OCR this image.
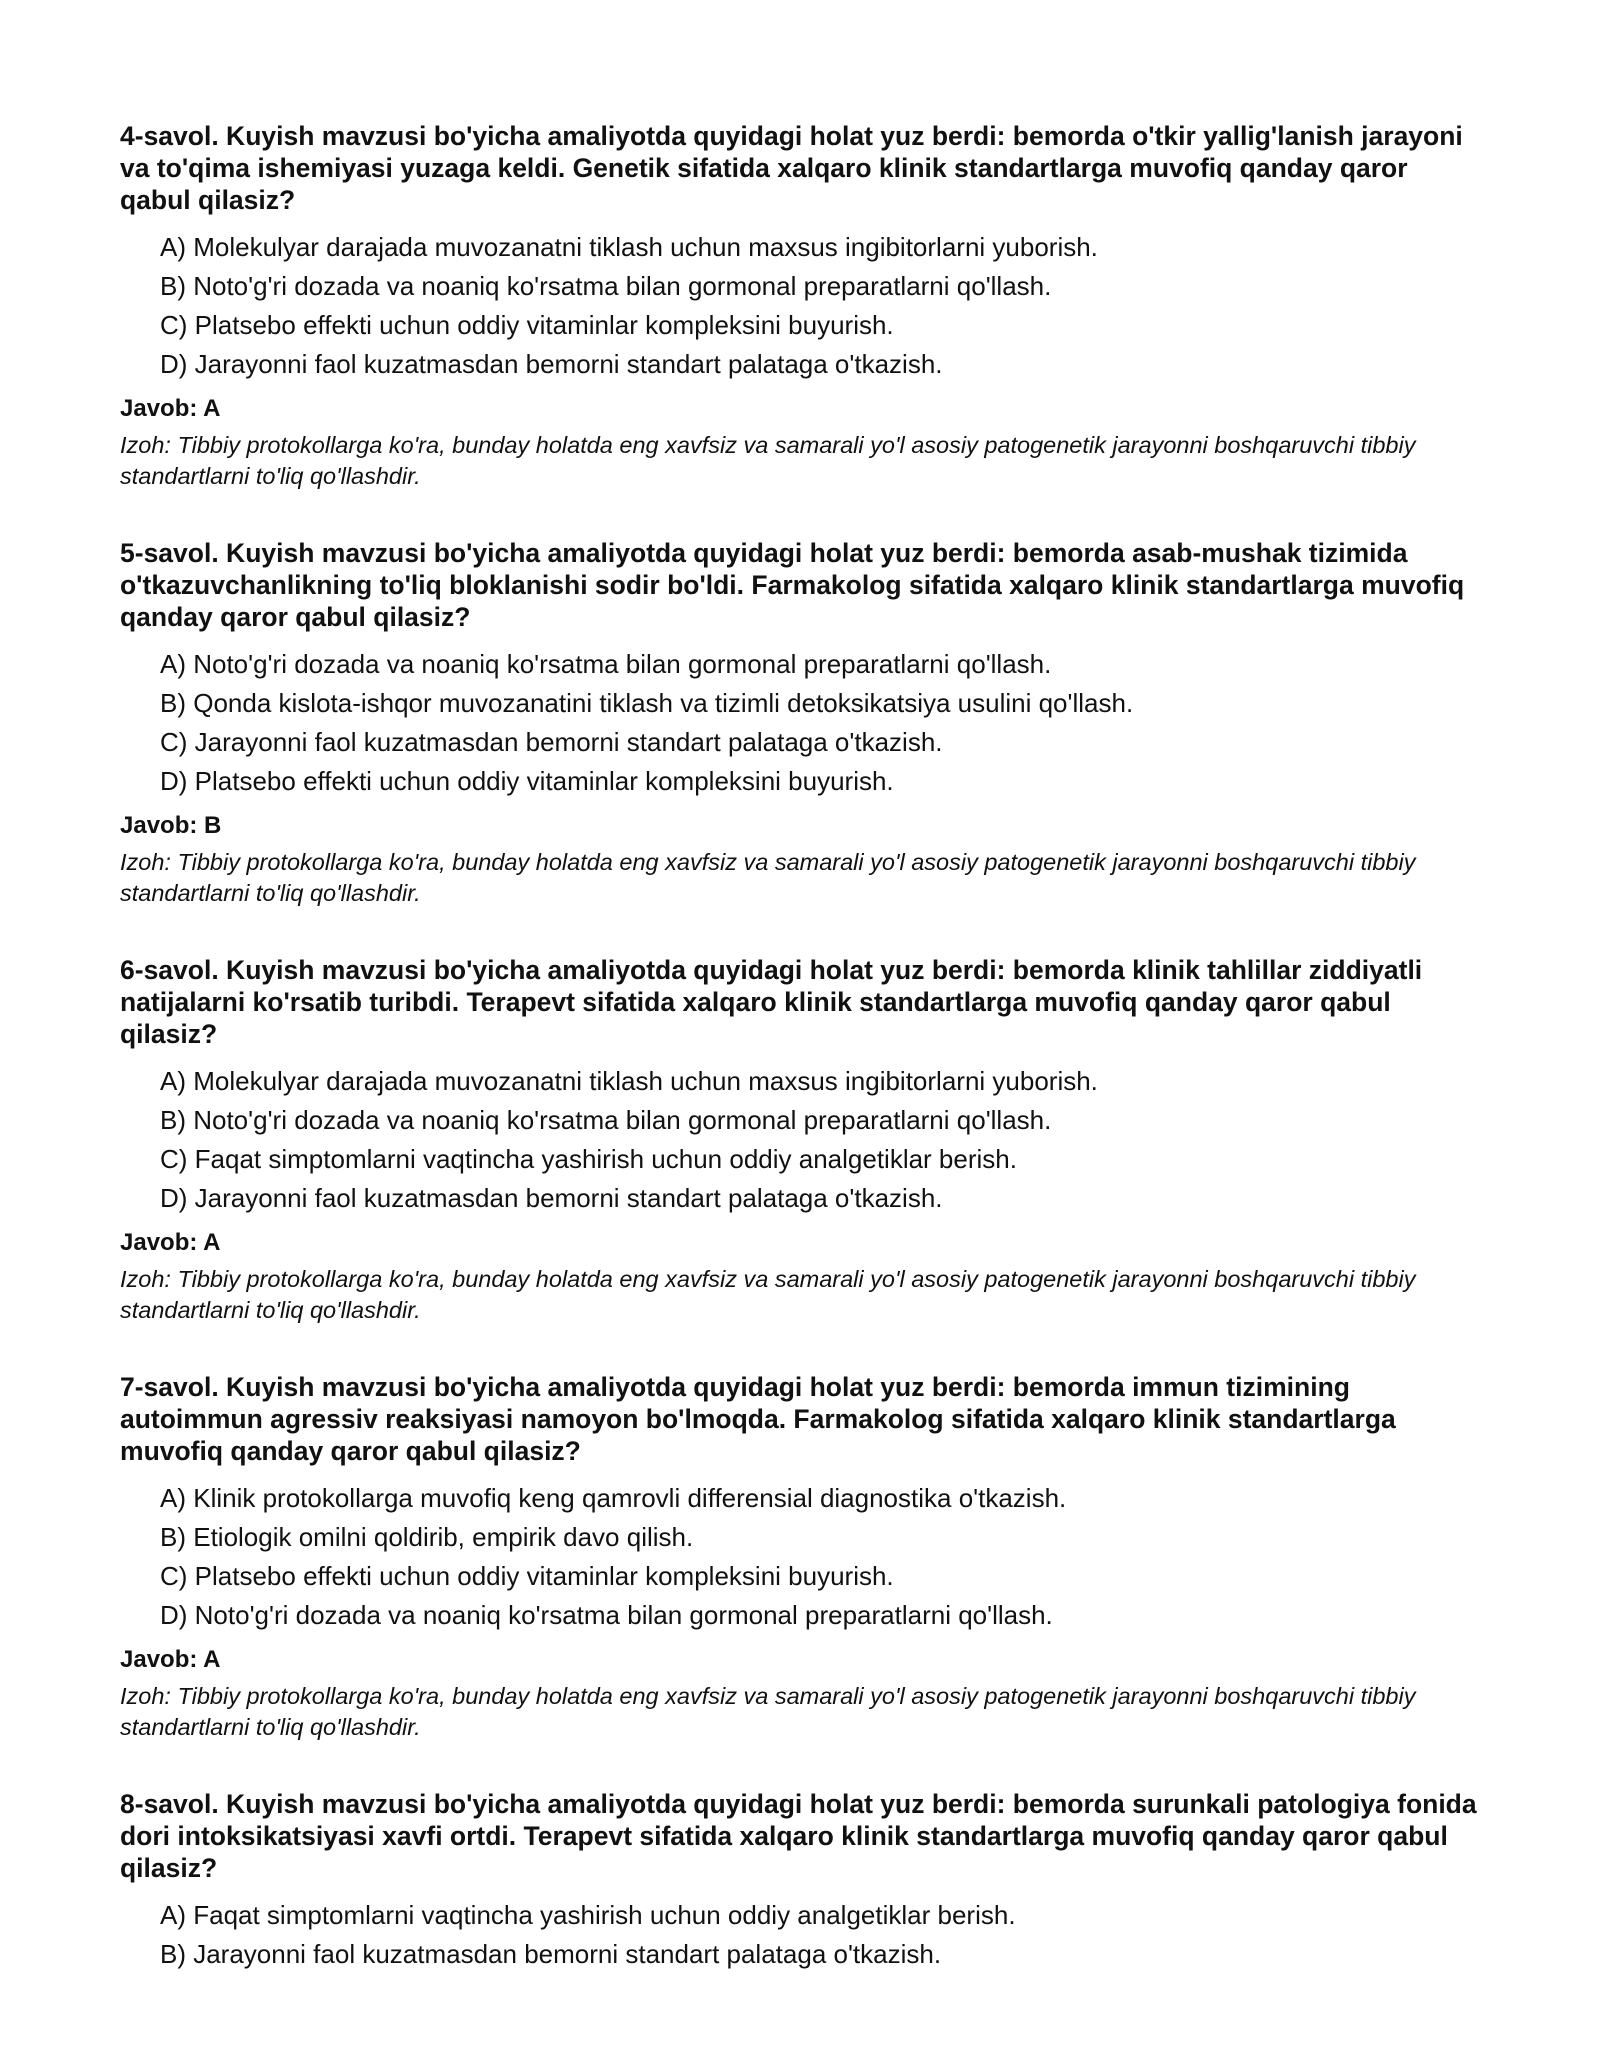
4-savol. Kuyish mavzusi bo'yicha amaliyotda quyidagi holat yuz berdi: bemorda o'tkir yallig'lanish jarayoni va to'qima ishemiyasi yuzaga keldi. Genetik sifatida xalqaro klinik standartlarga muvofiq qanday qaror qabul qilasiz?

A) Molekulyar darajada muvozanatni tiklash uchun maxsus ingibitorlarni yuborish.
B) Noto'g'ri dozada va noaniq ko'rsatma bilan gormonal preparatlarni qo'llash.
C) Platsebo effekti uchun oddiy vitaminlar kompleksini buyurish.
D) Jarayonni faol kuzatmasdan bemorni standart palataga o'tkazish.
Javob: A
Izoh: Tibbiy protokollarga ko'ra, bunday holatda eng xavfsiz va samarali yo'l asosiy patogenetik jarayonni boshqaruvchi tibbiy standartlarni to'liq qo'llashdir.

5-savol. Kuyish mavzusi bo'yicha amaliyotda quyidagi holat yuz berdi: bemorda asab-mushak tizimida o'tkazuvchanlikning to'liq bloklanishi sodir bo'ldi. Farmakolog sifatida xalqaro klinik standartlarga muvofiq qanday qaror qabul qilasiz?

A) Noto'g'ri dozada va noaniq ko'rsatma bilan gormonal preparatlarni qo'llash.
B) Qonda kislota-ishqor muvozanatini tiklash va tizimli detoksikatsiya usulini qo'llash.
C) Jarayonni faol kuzatmasdan bemorni standart palataga o'tkazish.
D) Platsebo effekti uchun oddiy vitaminlar kompleksini buyurish.
Javob: B
Izoh: Tibbiy protokollarga ko'ra, bunday holatda eng xavfsiz va samarali yo'l asosiy patogenetik jarayonni boshqaruvchi tibbiy standartlarni to'liq qo'llashdir.

6-savol. Kuyish mavzusi bo'yicha amaliyotda quyidagi holat yuz berdi: bemorda klinik tahlillar ziddiyatli natijalarni ko'rsatib turibdi. Terapevt sifatida xalqaro klinik standartlarga muvofiq qanday qaror qabul qilasiz?

A) Molekulyar darajada muvozanatni tiklash uchun maxsus ingibitorlarni yuborish.
B) Noto'g'ri dozada va noaniq ko'rsatma bilan gormonal preparatlarni qo'llash.
C) Faqat simptomlarni vaqtincha yashirish uchun oddiy analgetiklar berish.
D) Jarayonni faol kuzatmasdan bemorni standart palataga o'tkazish.
Javob: A
Izoh: Tibbiy protokollarga ko'ra, bunday holatda eng xavfsiz va samarali yo'l asosiy patogenetik jarayonni boshqaruvchi tibbiy standartlarni to'liq qo'llashdir.

7-savol. Kuyish mavzusi bo'yicha amaliyotda quyidagi holat yuz berdi: bemorda immun tizimining autoimmun agressiv reaksiyasi namoyon bo'lmoqda. Farmakolog sifatida xalqaro klinik standartlarga muvofiq qanday qaror qabul qilasiz?

A) Klinik protokollarga muvofiq keng qamrovli differensial diagnostika o'tkazish.
B) Etiologik omilni qoldirib, empirik davo qilish.
C) Platsebo effekti uchun oddiy vitaminlar kompleksini buyurish.
D) Noto'g'ri dozada va noaniq ko'rsatma bilan gormonal preparatlarni qo'llash.
Javob: A
Izoh: Tibbiy protokollarga ko'ra, bunday holatda eng xavfsiz va samarali yo'l asosiy patogenetik jarayonni boshqaruvchi tibbiy standartlarni to'liq qo'llashdir.

8-savol. Kuyish mavzusi bo'yicha amaliyotda quyidagi holat yuz berdi: bemorda surunkali patologiya fonida dori intoksikatsiyasi xavfi ortdi. Terapevt sifatida xalqaro klinik standartlarga muvofiq qanday qaror qabul qilasiz?

A) Faqat simptomlarni vaqtincha yashirish uchun oddiy analgetiklar berish.
B) Jarayonni faol kuzatmasdan bemorni standart palataga o'tkazish.
